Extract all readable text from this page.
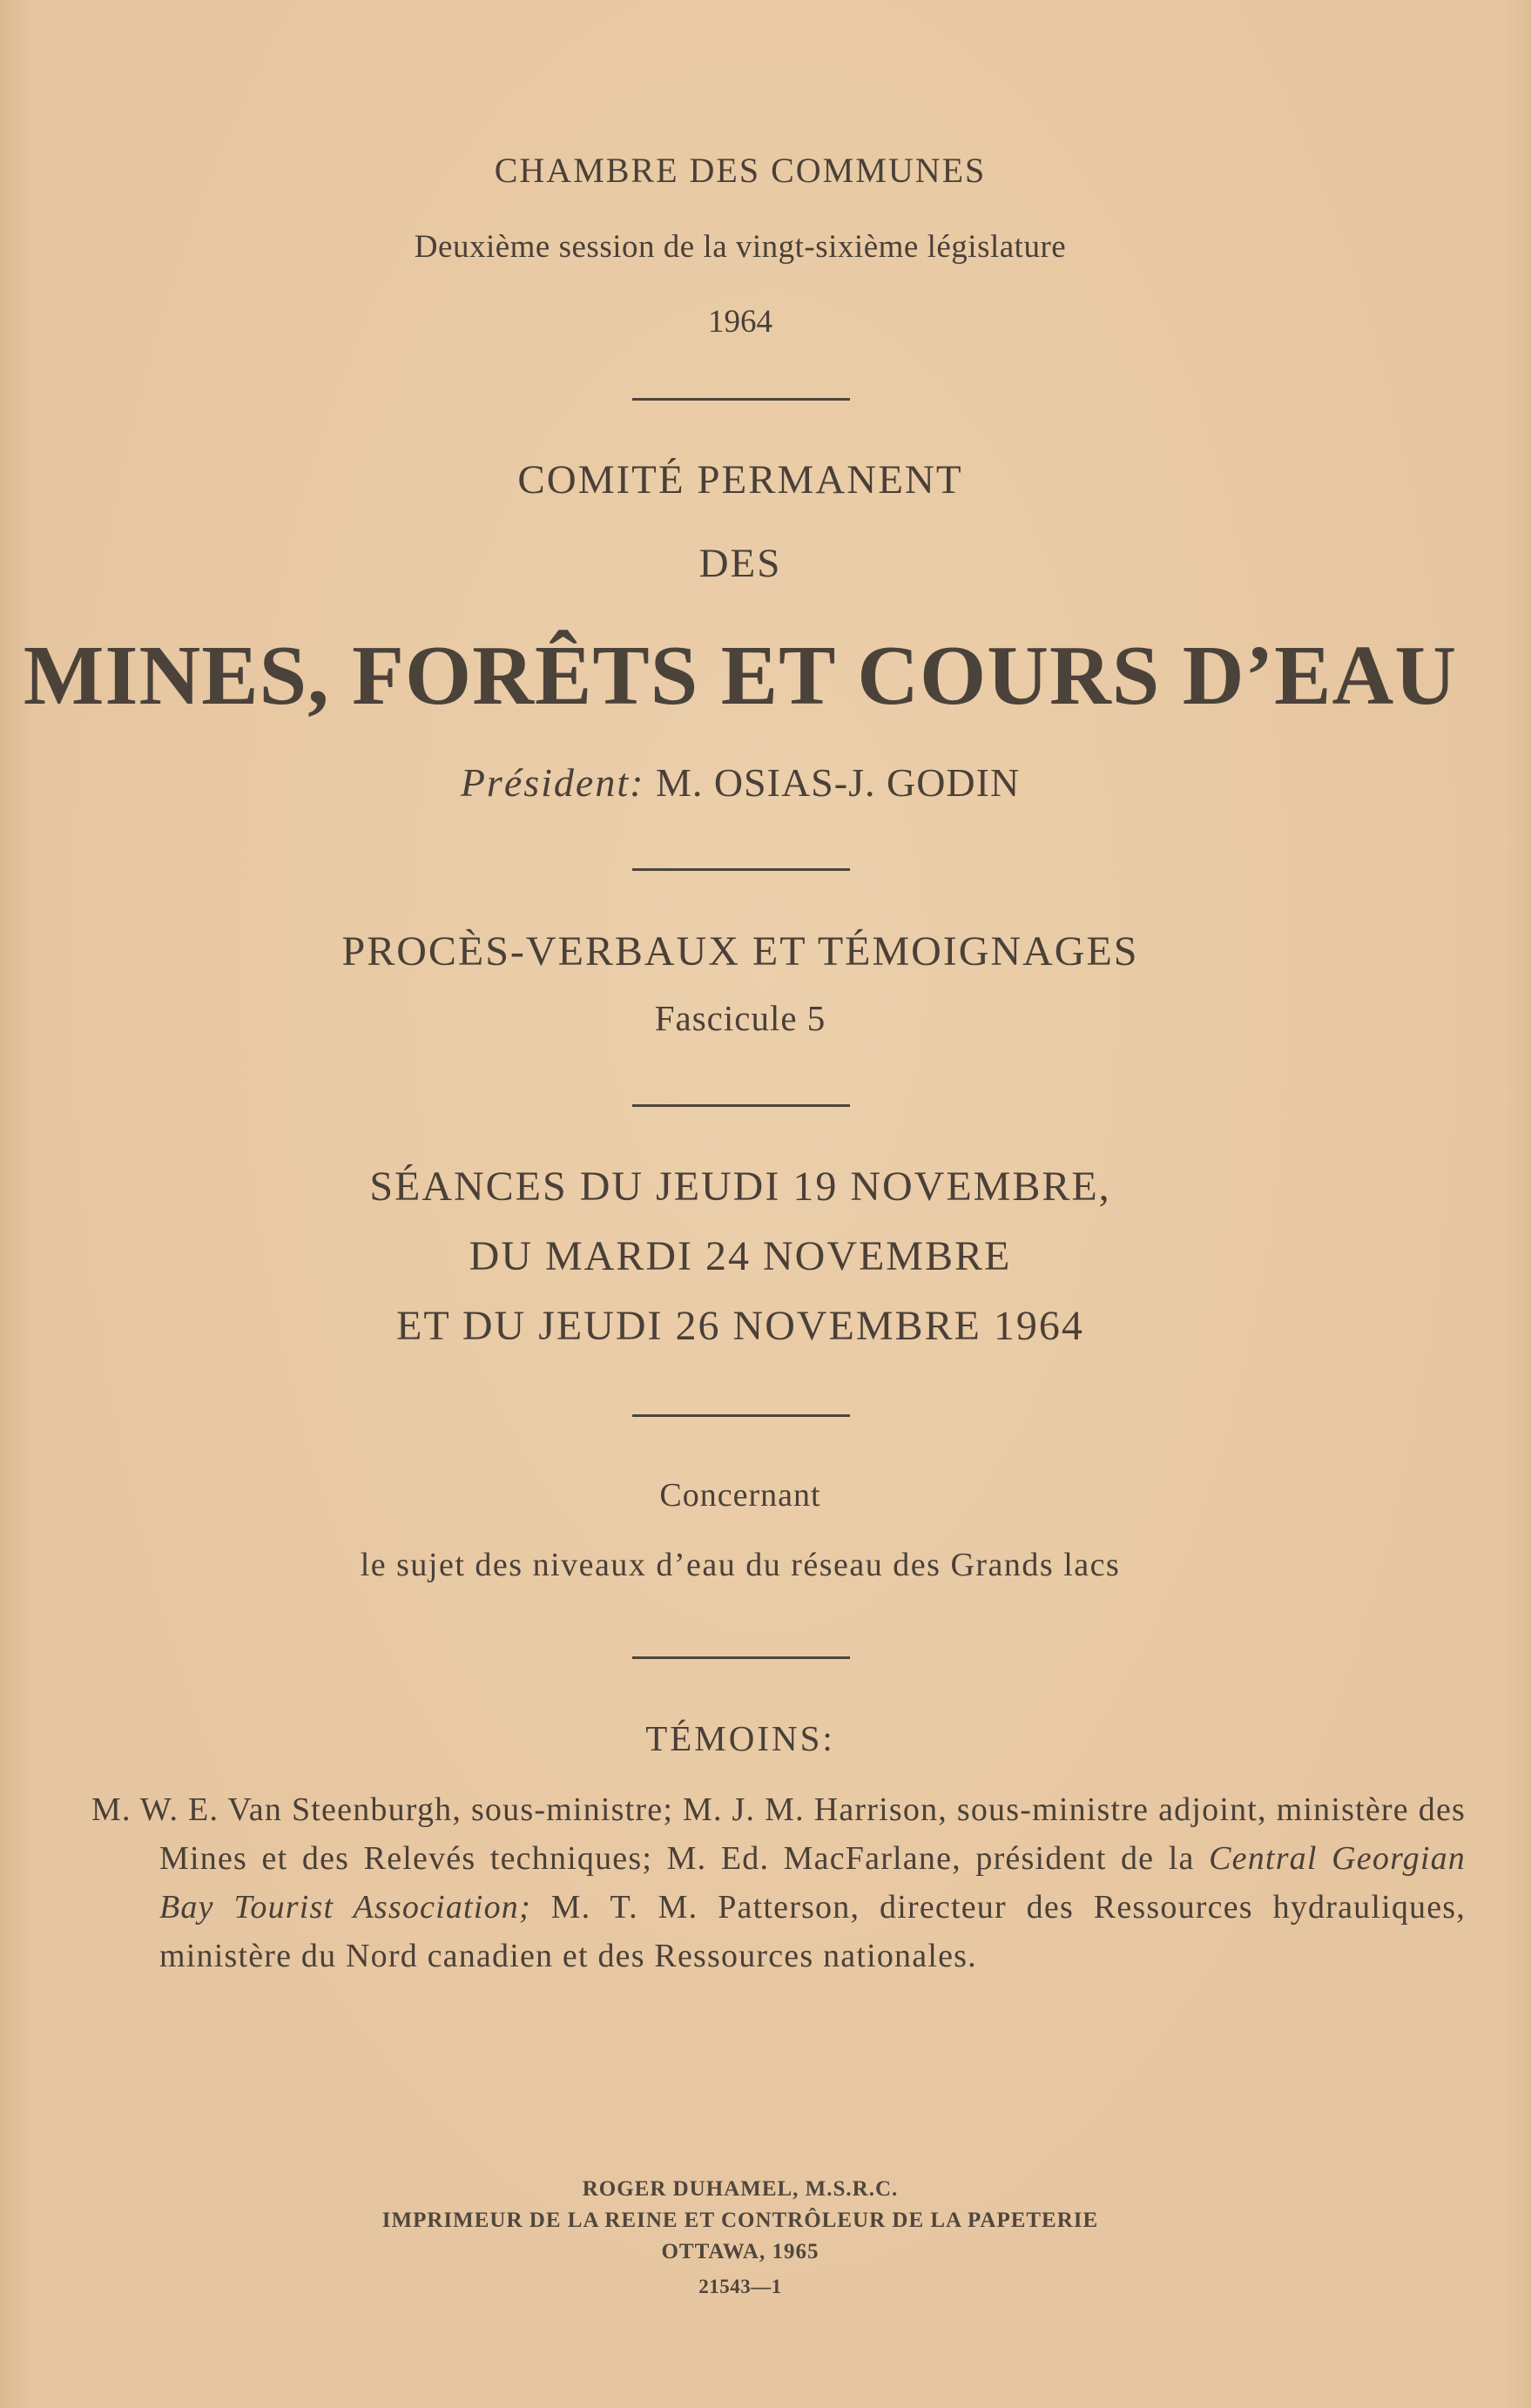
CHAMBRE DES COMMUNES
Deuxième session de la vingt-sixième législature
1964
COMITÉ PERMANENT
DES
MINES, FORÊTS ET COURS D’EAU
Président: M. OSIAS-J. GODIN
PROCÈS-VERBAUX ET TÉMOIGNAGES
Fascicule 5
SÉANCES DU JEUDI 19 NOVEMBRE,
DU MARDI 24 NOVEMBRE
ET DU JEUDI 26 NOVEMBRE 1964
Concernant
le sujet des niveaux d’eau du réseau des Grands lacs
TÉMOINS:
M. W. E. Van Steenburgh, sous-ministre; M. J. M. Harrison, sous-ministre adjoint, ministère des Mines et des Relevés techniques; M. Ed. MacFarlane, président de la Central Georgian Bay Tourist Association; M. T. M. Patterson, directeur des Ressources hydrauliques, ministère du Nord canadien et des Ressources nationales.
ROGER DUHAMEL, M.S.R.C.
IMPRIMEUR DE LA REINE ET CONTRÔLEUR DE LA PAPETERIE
OTTAWA, 1965
21543—1
